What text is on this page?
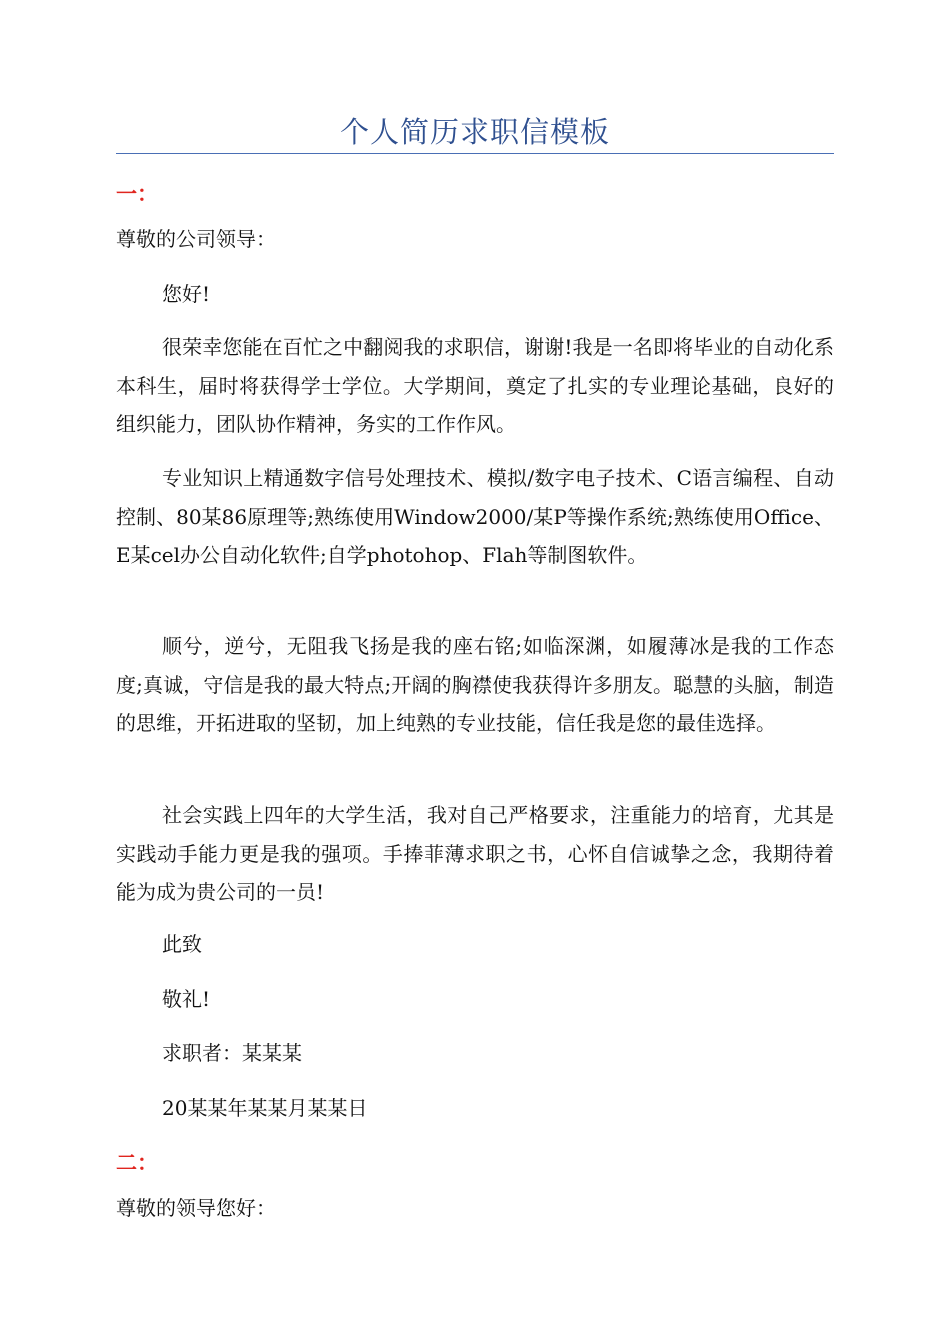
个人简历求职信模板

一：

尊敬的公司领导：

您好!

很荣幸您能在百忙之中翻阅我的求职信，谢谢!我是一名即将毕业的自动化系本科生，届时将获得学士学位。大学期间，奠定了扎实的专业理论基础，良好的组织能力，团队协作精神，务实的工作作风。

专业知识上精通数字信号处理技术、模拟/数字电子技术、C语言编程、自动控制、80某86原理等;熟练使用Window2000/某P等操作系统;熟练使用Office、E某cel办公自动化软件;自学photohop、Flah等制图软件。

顺兮，逆兮，无阻我飞扬是我的座右铭;如临深渊，如履薄冰是我的工作态度;真诚，守信是我的最大特点;开阔的胸襟使我获得许多朋友。聪慧的头脑，制造的思维，开拓进取的坚韧，加上纯熟的专业技能，信任我是您的最佳选择。

社会实践上四年的大学生活，我对自己严格要求，注重能力的培育，尤其是实践动手能力更是我的强项。手捧菲薄求职之书，心怀自信诚挚之念，我期待着能为成为贵公司的一员!

此致

敬礼!

求职者：某某某

20某某年某某月某某日

二：

尊敬的领导您好：
